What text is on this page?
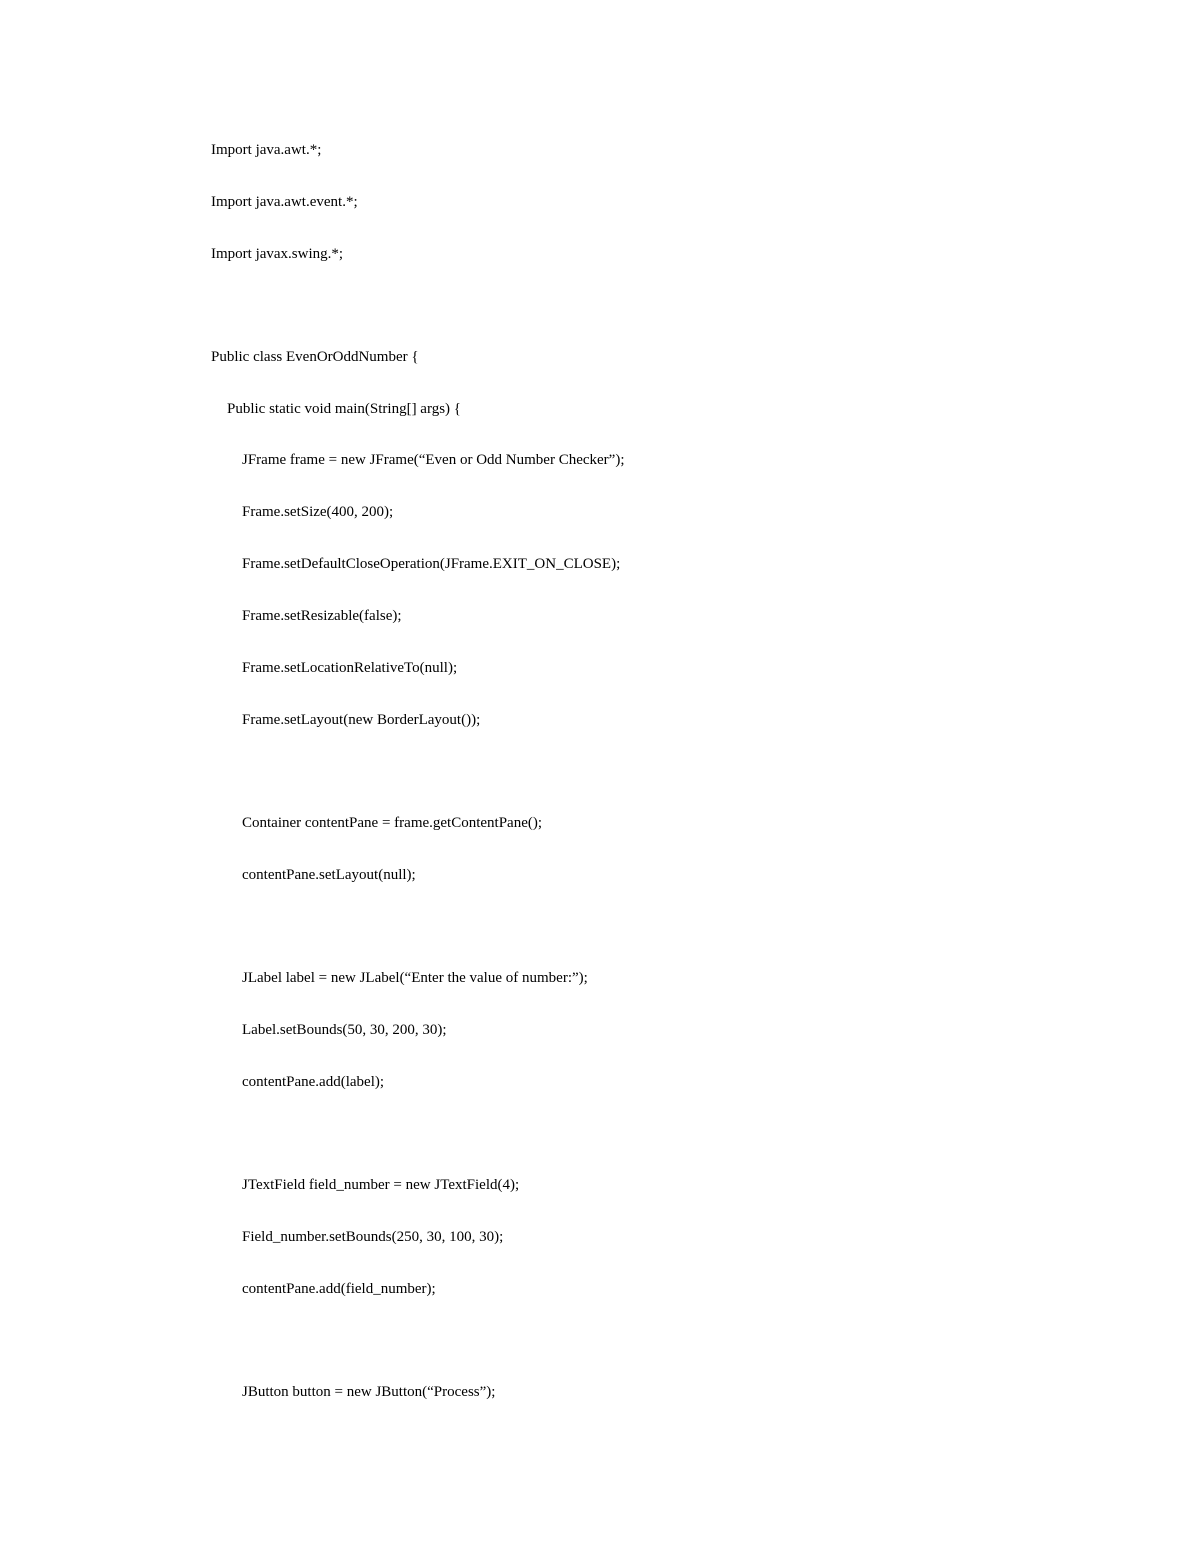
Import java.awt.*;
Import java.awt.event.*;
Import javax.swing.*;
Public class EvenOrOddNumber {
Public static void main(String[] args) {
JFrame frame = new JFrame(“Even or Odd Number Checker”);
Frame.setSize(400, 200);
Frame.setDefaultCloseOperation(JFrame.EXIT_ON_CLOSE);
Frame.setResizable(false);
Frame.setLocationRelativeTo(null);
Frame.setLayout(new BorderLayout());
Container contentPane = frame.getContentPane();
contentPane.setLayout(null);
JLabel label = new JLabel(“Enter the value of number:”);
Label.setBounds(50, 30, 200, 30);
contentPane.add(label);
JTextField field_number = new JTextField(4);
Field_number.setBounds(250, 30, 100, 30);
contentPane.add(field_number);
JButton button = new JButton(“Process”);
